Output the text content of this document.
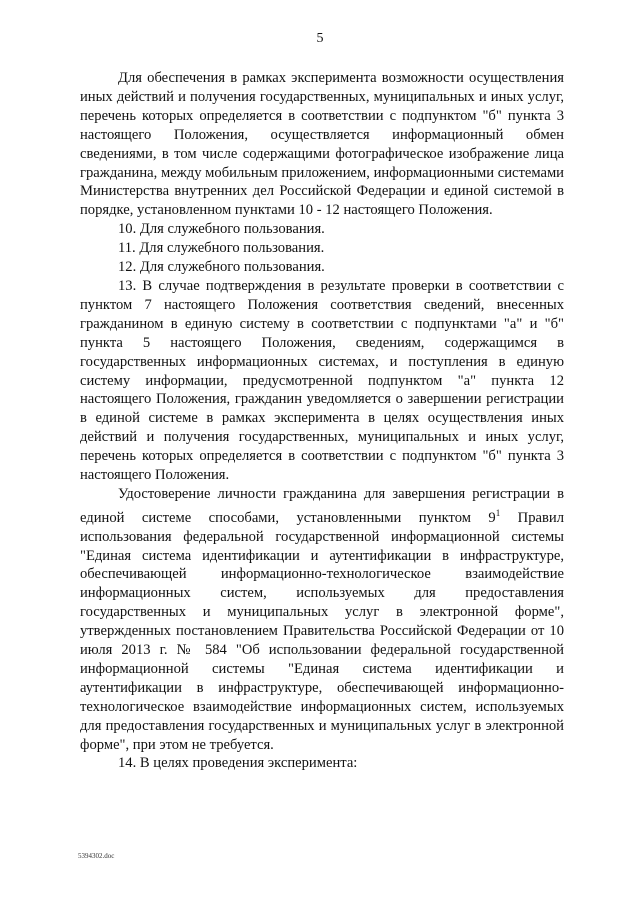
5

Для обеспечения в рамках эксперимента возможности осуществления иных действий и получения государственных, муниципальных и иных услуг, перечень которых определяется в соответствии с подпунктом "б" пункта 3 настоящего Положения, осуществляется информационный обмен сведениями, в том числе содержащими фотографическое изображение лица гражданина, между мобильным приложением, информационными системами Министерства внутренних дел Российской Федерации и единой системой в порядке, установленном пунктами 10 - 12 настоящего Положения.

10. Для служебного пользования.

11. Для служебного пользования.

12. Для служебного пользования.

13. В случае подтверждения в результате проверки в соответствии с пунктом 7 настоящего Положения соответствия сведений, внесенных гражданином в единую систему в соответствии с подпунктами "а" и "б" пункта 5 настоящего Положения, сведениям, содержащимся в государственных информационных системах, и поступления в единую систему информации, предусмотренной подпунктом "а" пункта 12 настоящего Положения, гражданин уведомляется о завершении регистрации в единой системе в рамках эксперимента в целях осуществления иных действий и получения государственных, муниципальных и иных услуг, перечень которых определяется в соответствии с подпунктом "б" пункта 3 настоящего Положения.

Удостоверение личности гражданина для завершения регистрации в единой системе способами, установленными пунктом $9^1$ Правил использования федеральной государственной информационной системы "Единая система идентификации и аутентификации в инфраструктуре, обеспечивающей информационно-технологическое взаимодействие информационных систем, используемых для предоставления государственных и муниципальных услуг в электронной форме", утвержденных постановлением Правительства Российской Федерации от 10 июля 2013 г. № 584 "Об использовании федеральной государственной информационной системы "Единая система идентификации и аутентификации в инфраструктуре, обеспечивающей информационно-технологическое взаимодействие информационных систем, используемых для предоставления государственных и муниципальных услуг в электронной форме", при этом не требуется.

14. В целях проведения эксперимента:

5394302.doc
